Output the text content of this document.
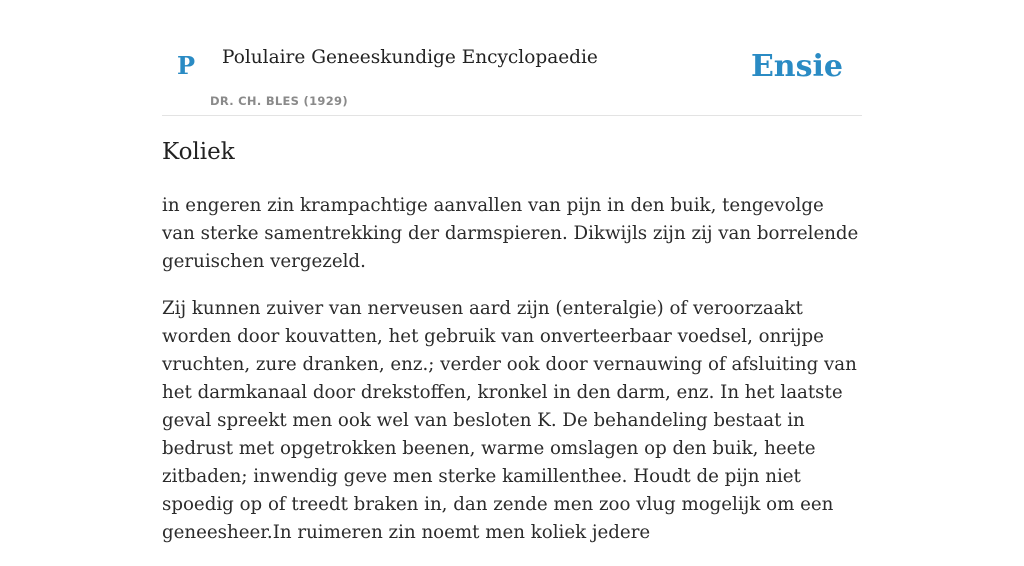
P Polulaire Geneeskundige Encyclopaedie
DR. CH. BLES (1929)
Ensie
Koliek

in engeren zin krampachtige aanvallen van pijn in den buik, tengevolge van sterke samentrekking der darmspieren. Dikwijls zijn zij van borrelende geruischen vergezeld.

Zij kunnen zuiver van nerveusen aard zijn (enteralgie) of veroorzaakt worden door kouvatten, het gebruik van onverteerbaar voedsel, onrijpe vruchten, zure dranken, enz.; verder ook door vernauwing of afsluiting van het darmkanaal door drekstoffen, kronkel in den darm, enz. In het laatste geval spreekt men ook wel van besloten K. De behandeling bestaat in bedrust met opgetrokken beenen, warme omslagen op den buik, heete zitbaden; inwendig geve men sterke kamillenthee. Houdt de pijn niet spoedig op of treedt braken in, dan zende men zoo vlug mogelijk om een geneesheer.In ruimeren zin noemt men koliek jedere
